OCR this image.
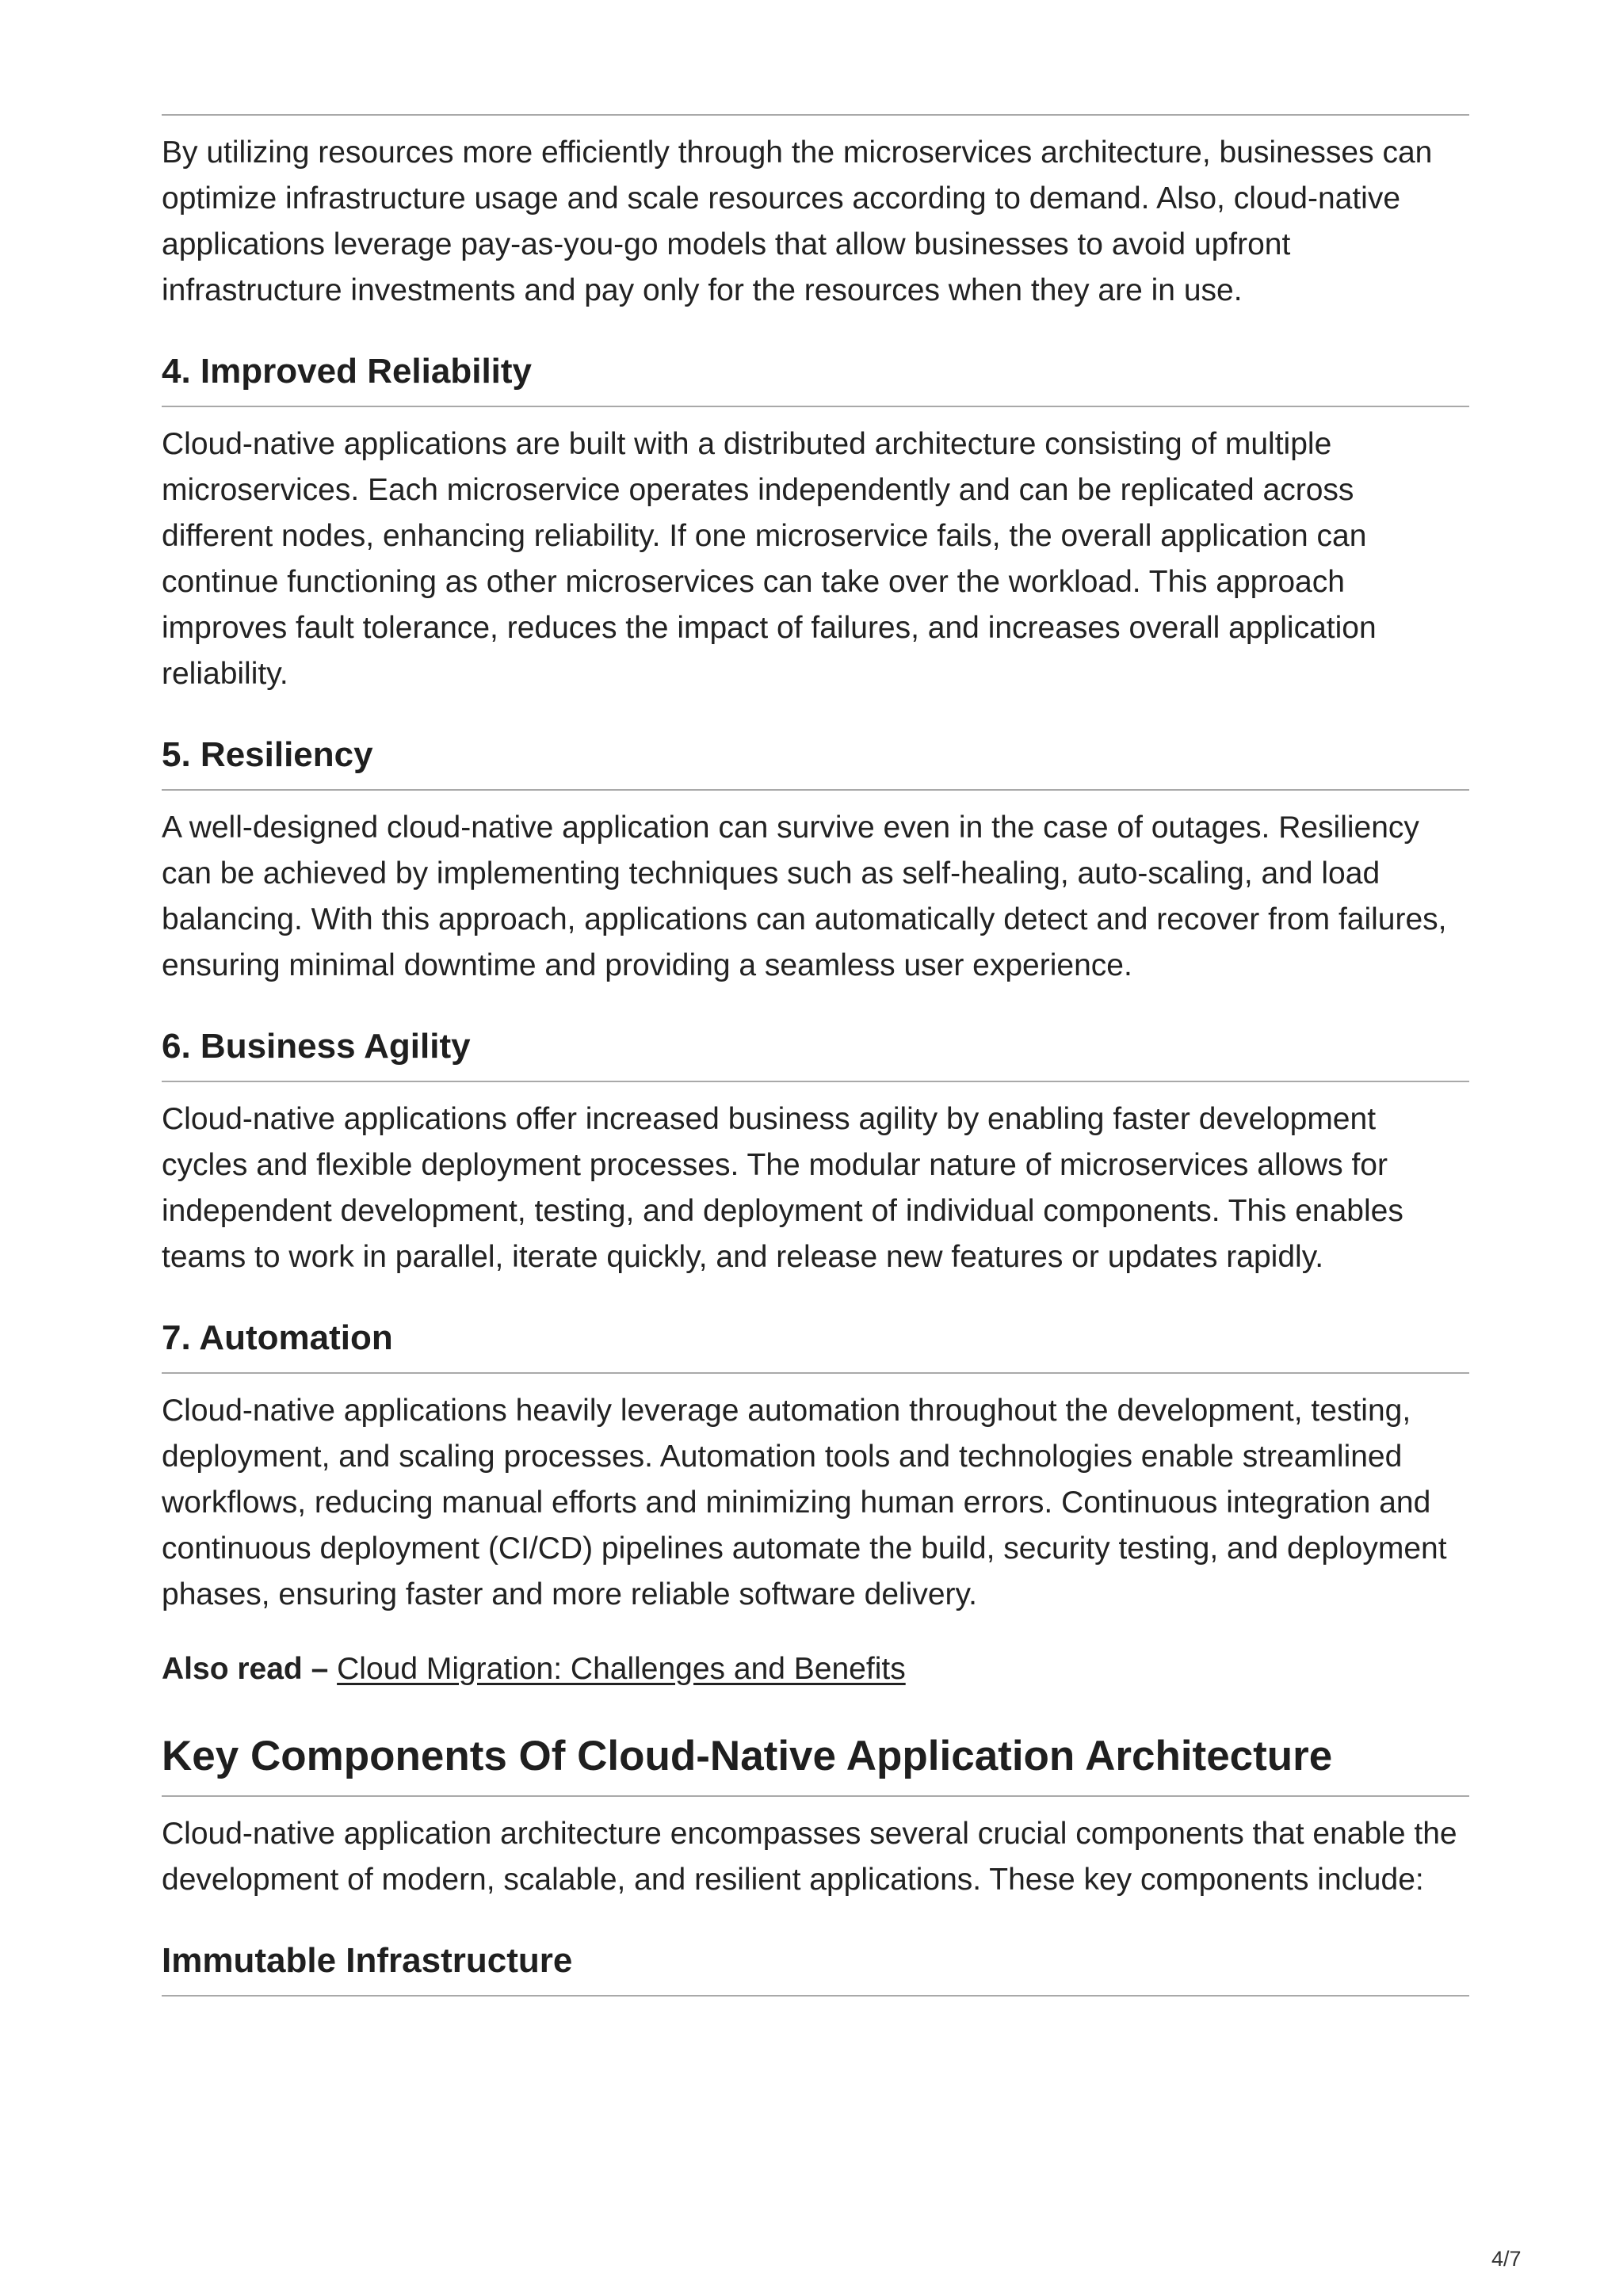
By utilizing resources more efficiently through the microservices architecture, businesses can optimize infrastructure usage and scale resources according to demand. Also, cloud-native applications leverage pay-as-you-go models that allow businesses to avoid upfront infrastructure investments and pay only for the resources when they are in use.

4. Improved Reliability

Cloud-native applications are built with a distributed architecture consisting of multiple microservices. Each microservice operates independently and can be replicated across different nodes, enhancing reliability. If one microservice fails, the overall application can continue functioning as other microservices can take over the workload. This approach improves fault tolerance, reduces the impact of failures, and increases overall application reliability.

5. Resiliency

A well-designed cloud-native application can survive even in the case of outages. Resiliency can be achieved by implementing techniques such as self-healing, auto-scaling, and load balancing. With this approach, applications can automatically detect and recover from failures, ensuring minimal downtime and providing a seamless user experience.

6. Business Agility

Cloud-native applications offer increased business agility by enabling faster development cycles and flexible deployment processes. The modular nature of microservices allows for independent development, testing, and deployment of individual components. This enables teams to work in parallel, iterate quickly, and release new features or updates rapidly.

7. Automation

Cloud-native applications heavily leverage automation throughout the development, testing, deployment, and scaling processes. Automation tools and technologies enable streamlined workflows, reducing manual efforts and minimizing human errors. Continuous integration and continuous deployment (CI/CD) pipelines automate the build, security testing, and deployment phases, ensuring faster and more reliable software delivery.

Also read – Cloud Migration: Challenges and Benefits

Key Components Of Cloud-Native Application Architecture

Cloud-native application architecture encompasses several crucial components that enable the development of modern, scalable, and resilient applications. These key components include:

Immutable Infrastructure
4/7
